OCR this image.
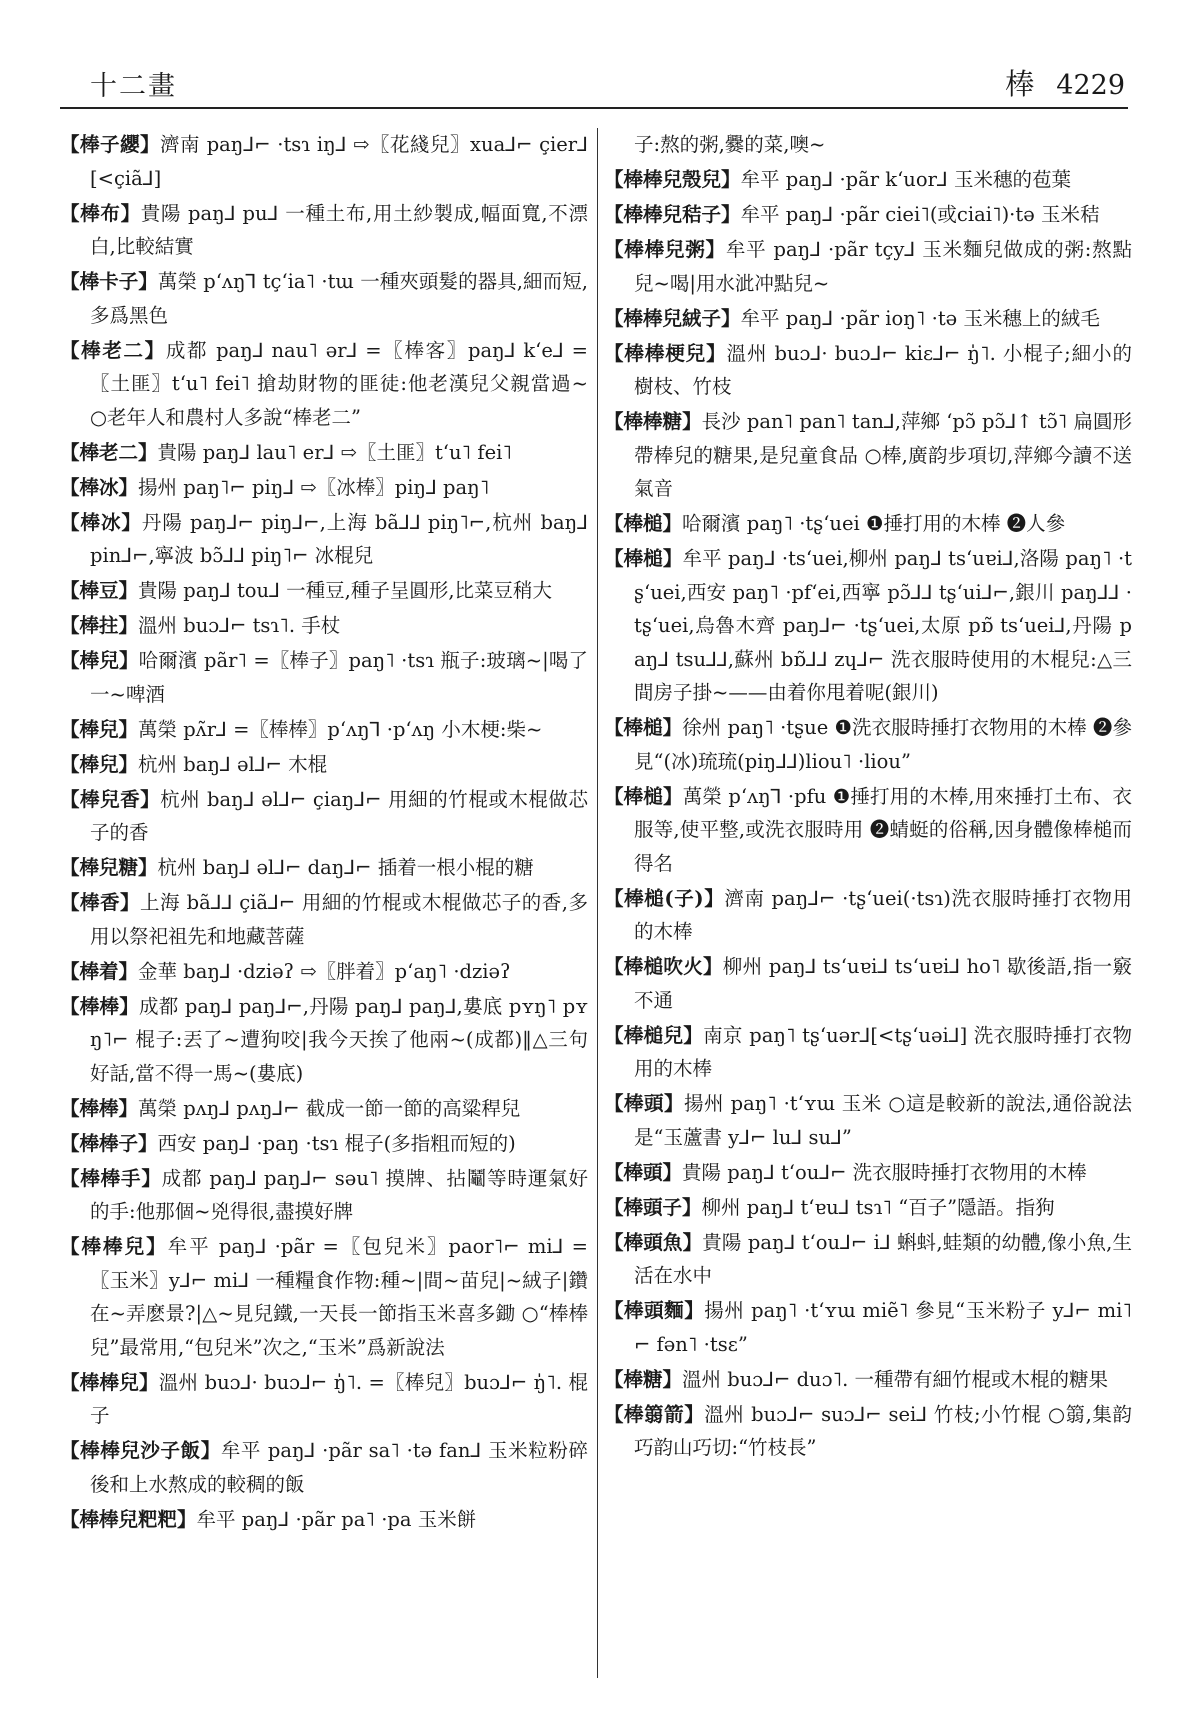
十二畫	棒 4229

【棒子纓】濟南 paŋ⅃⌐ ·tsɿ iŋ⅃ ⇨〖花綫兒〗xua⅃⌐ çier⅃[<çiã⅃]

【棒布】貴陽 paŋ⅃ pu⅃ 一種土布,用土紗製成,幅面寬,不漂白,比較結實

【棒卡子】萬榮 pʻʌŋ⅂ tçʻia˥ ·tɯ 一種夾頭髮的器具,細而短,多爲黑色

【棒老二】成都 paŋ⅃ nau˥ ər⅃ =〖棒客〗paŋ⅃ kʻe⅃ =〖土匪〗tʻu˥ fei˥ 搶劫財物的匪徒:他老漢兒父親當過~ ○老年人和農村人多說“棒老二”

【棒老二】貴陽 paŋ⅃ lau˥ er⅃ ⇨〖土匪〗tʻu˥ fei˥

【棒冰】揚州 paŋ˥⌐ piŋ⅃ ⇨〖冰棒〗piŋ⅃ paŋ˥

【棒冰】丹陽 paŋ⅃⌐ piŋ⅃⌐,上海 bã⅃⅃ piŋ˥⌐,杭州 baŋ⅃ pin⅃⌐,寧波 bɔ̃⅃⅃ piŋ˥⌐ 冰棍兒

【棒豆】貴陽 paŋ⅃ tou⅃ 一種豆,種子呈圓形,比菜豆稍大

【棒拄】溫州 buɔ⅃⌐ tsɿ˥. 手杖

【棒兒】哈爾濱 pãr˥ =〖棒子〗paŋ˥ ·tsɿ 瓶子:玻璃~|喝了一~啤酒

【棒兒】萬榮 pʌ̃r⅃ =〖棒棒〗pʻʌŋ⅂ ·pʻʌŋ 小木梗:柴~

【棒兒】杭州 baŋ⅃ əl⅃⌐ 木棍

【棒兒香】杭州 baŋ⅃ əl⅃⌐ çiaŋ⅃⌐ 用細的竹棍或木棍做芯子的香

【棒兒糖】杭州 baŋ⅃ əl⅃⌐ daŋ⅃⌐ 插着一根小棍的糖

【棒香】上海 bã⅃⅃ çiã⅃⌐ 用細的竹棍或木棍做芯子的香,多用以祭祀祖先和地藏菩薩

【棒着】金華 baŋ⅃ ·dziəʔ ⇨〖胖着〗pʻaŋ˥ ·dziəʔ

【棒棒】成都 paŋ⅃ paŋ⅃⌐,丹陽 paŋ⅃ paŋ⅃,婁底 pʏŋ˥ pʏŋ˥⌐ 棍子:丟了~遭狗咬|我今天挨了他兩~(成都)‖△三句好話,當不得一馬~(婁底)

【棒棒】萬榮 pʌŋ⅃ pʌŋ⅃⌐ 截成一節一節的高粱稈兒

【棒棒子】西安 paŋ⅃ ·paŋ ·tsɿ 棍子(多指粗而短的)

【棒棒手】成都 paŋ⅃ paŋ⅃⌐ səu˥ 摸牌、拈鬮等時運氣好的手:他那個~兇得很,盡摸好牌

【棒棒兒】牟平 paŋ⅃ ·pãr =〖包兒米〗paor˥⌐ mi⅃ =〖玉米〗y⅃⌐ mi⅃ 一種糧食作物:種~|間~苗兒|~絨子|鑽在~弄麽景?|△~見兒鐵,一天長一節指玉米喜多鋤 ○“棒棒兒”最常用,“包兒米”次之,“玉米”爲新說法

【棒棒兒】溫州 buɔ⅃· buɔ⅃⌐ ŋ̍˥. =〖棒兒〗buɔ⅃⌐ ŋ̍˥. 棍子

【棒棒兒沙子飯】牟平 paŋ⅃ ·pãr sa˥ ·tə fan⅃ 玉米粒粉碎後和上水熬成的較稠的飯

【棒棒兒粑粑】牟平 paŋ⅃ ·pãr pa˥ ·pa 玉米餅

子:熬的粥,爨的菜,噢~

【棒棒兒殼兒】牟平 paŋ⅃ ·pãr kʻuor⅃ 玉米穗的苞葉

【棒棒兒秸子】牟平 paŋ⅃ ·pãr ciei˥(或ciai˥)·tə 玉米秸

【棒棒兒粥】牟平 paŋ⅃ ·pãr tçy⅃ 玉米麵兒做成的粥:熬點兒~喝|用水泚冲點兒~

【棒棒兒絨子】牟平 paŋ⅃ ·pãr ioŋ˥ ·tə 玉米穗上的絨毛

【棒棒梗兒】溫州 buɔ⅃· buɔ⅃⌐ kiɛ⅃⌐ ŋ̍˥. 小棍子;細小的樹枝、竹枝

【棒棒糖】長沙 pan˥ pan˥ tan⅃,萍鄉 ʻpɔ̃ pɔ̃⅃↑ tɔ̃˥ 扁圓形帶棒兒的糖果,是兒童食品 ○棒,廣韵步項切,萍鄉今讀不送氣音

【棒槌】哈爾濱 paŋ˥ ·tʂʻuei ❶捶打用的木棒 ❷人參

【棒槌】牟平 paŋ⅃ ·tsʻuei,柳州 paŋ⅃ tsʻuɐi⅃,洛陽 paŋ˥ ·tʂʻuei,西安 paŋ˥ ·pfʻei,西寧 pɔ̃⅃⅃ tʂʻui⅃⌐,銀川 paŋ⅃⅃ ·tʂʻuei,烏魯木齊 paŋ⅃⌐ ·tʂʻuei,太原 pɒ̃ tsʻuei⅃,丹陽 paŋ⅃ tsu⅃⅃,蘇州 bɒ̃⅃⅃ zɥ⅃⌐ 洗衣服時使用的木棍兒:△三間房子掛~——由着你甩着呢(銀川)

【棒槌】徐州 paŋ˥ ·tʂue ❶洗衣服時捶打衣物用的木棒 ❷參見“(冰)琉琉(piŋ⅃⅃)liou˥ ·liou”

【棒槌】萬榮 pʻʌŋ⅂ ·pfu ❶捶打用的木棒,用來捶打土布、衣服等,使平整,或洗衣服時用 ❷蜻蜓的俗稱,因身體像棒槌而得名

【棒槌(子)】濟南 paŋ⅃⌐ ·tʂʻuei(·tsɿ)洗衣服時捶打衣物用的木棒

【棒槌吹火】柳州 paŋ⅃ tsʻuɐi⅃ tsʻuɐi⅃ ho˥ 歇後語,指一竅不通

【棒槌兒】南京 paŋ˥ tʂʻuər⅃[<tʂʻuəi⅃] 洗衣服時捶打衣物用的木棒

【棒頭】揚州 paŋ˥ ·tʻʏɯ 玉米 ○這是較新的說法,通俗說法是“玉蘆書 y⅃⌐ lu⅃ su⅃”

【棒頭】貴陽 paŋ⅃ tʻou⅃⌐ 洗衣服時捶打衣物用的木棒

【棒頭子】柳州 paŋ⅃ tʻɐu⅃ tsɿ˥ “百子”隱語。指狗

【棒頭魚】貴陽 paŋ⅃ tʻou⅃⌐ i⅃ 蝌蚪,蛙類的幼體,像小魚,生活在水中

【棒頭麵】揚州 paŋ˥ ·tʻʏɯ miẽ˥ 參見“玉米粉子 y⅃⌐ mi˥⌐ fən˥ ·tsɛ”

【棒糖】溫州 buɔ⅃⌐ duɔ˥. 一種帶有細竹棍或木棍的糖果

【棒篛箭】溫州 buɔ⅃⌐ suɔ⅃⌐ sei⅃ 竹枝;小竹棍 ○篛,集韵巧韵山巧切:“竹枝長”
